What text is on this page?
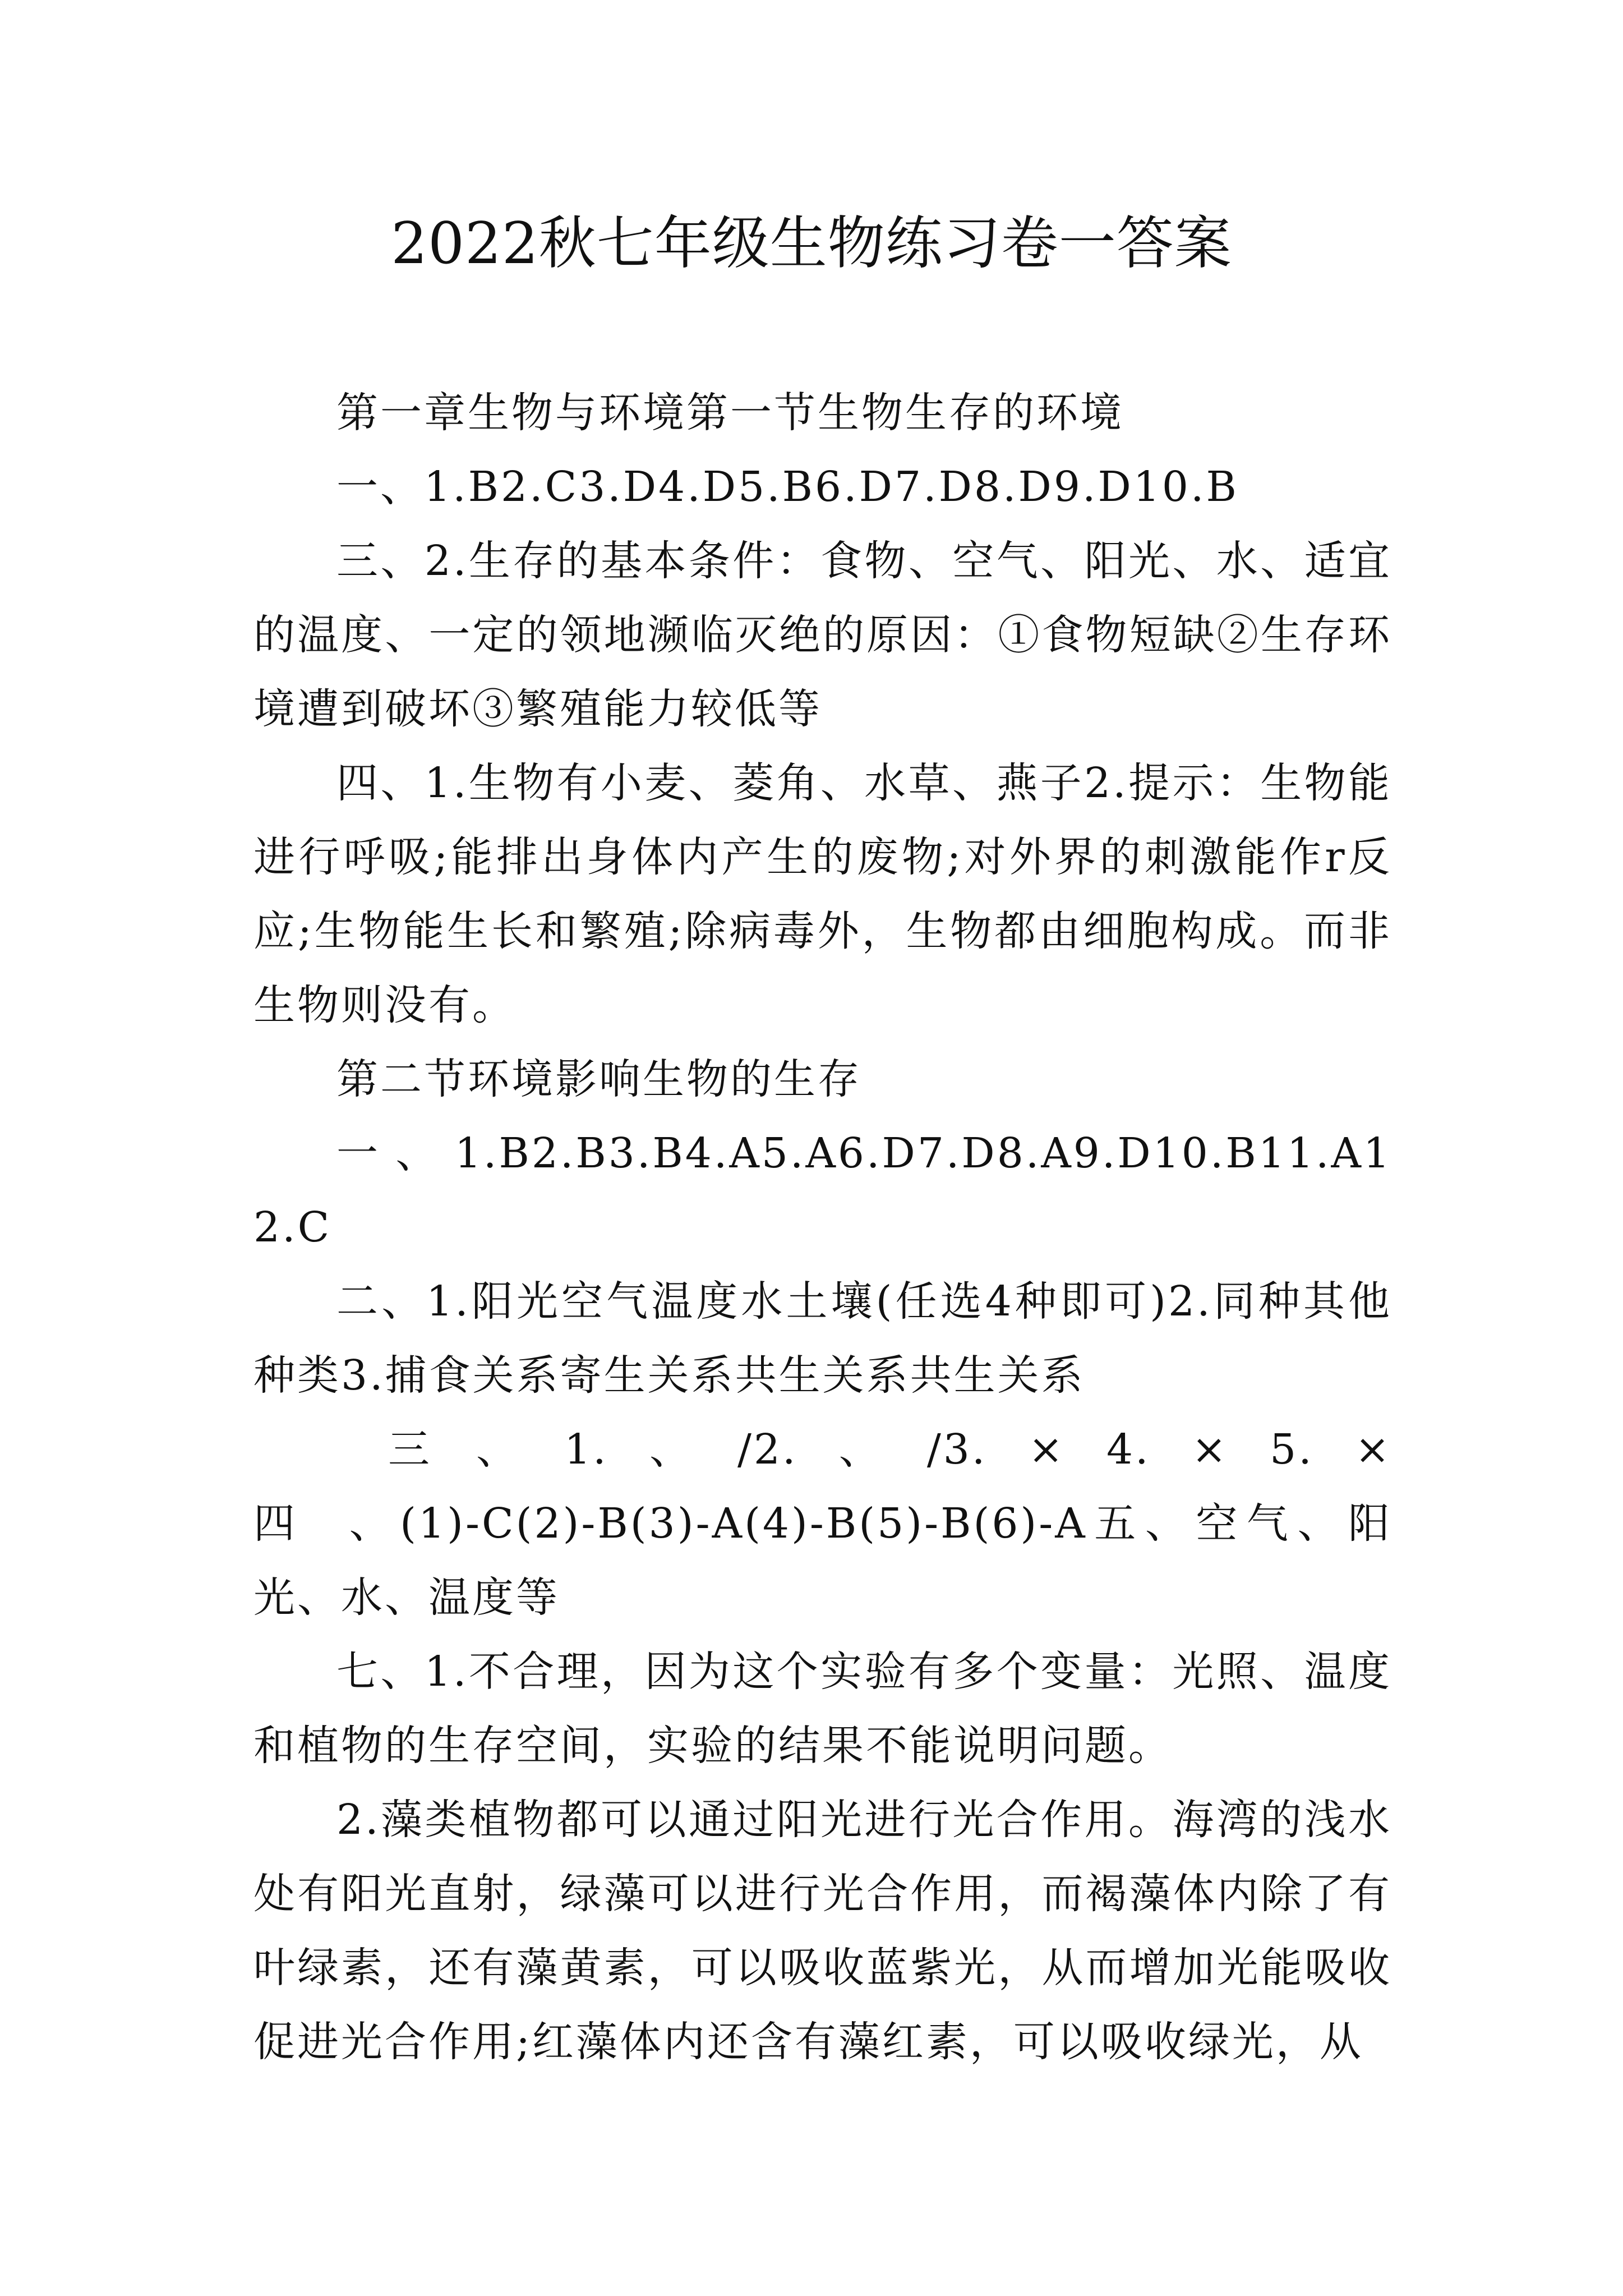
2022秋七年级生物练习卷一答案

第一章生物与环境第一节生物生存的环境

一、1.B2.C3.D4.D5.B6.D7.D8.D9.D10.B

三、2.生存的基本条件：食物、空气、阳光、水、适宜的温度、一定的领地濒临灭绝的原因：①食物短缺②生存环境遭到破坏③繁殖能力较低等

四、1.生物有小麦、菱角、水草、燕子2.提示：生物能进行呼吸;能排出身体内产生的废物;对外界的刺激能作r反应;生物能生长和繁殖;除病毒外，生物都由细胞构成。而非生物则没有。

第二节环境影响生物的生存

一、1.B2.B3.B4.A5.A6.D7.D8.A9.D10.B11.A12.C

二、1.阳光空气温度水土壤(任选4种即可)2.同种其他种类3.捕食关系寄生关系共生关系共生关系

三 、 1. 、 /2. 、 /3. × 4. × 5. × 四 、(1)-C(2)-B(3)-A(4)-B(5)-B(6)-A五、空气、阳光、水、温度等

七、1.不合理，因为这个实验有多个变量：光照、温度和植物的生存空间，实验的结果不能说明问题。

2.藻类植物都可以通过阳光进行光合作用。海湾的浅水处有阳光直射，绿藻可以进行光合作用，而褐藻体内除了有叶绿素，还有藻黄素，可以吸收蓝紫光，从而增加光能吸收促进光合作用;红藻体内还含有藻红素，可以吸收绿光，从
